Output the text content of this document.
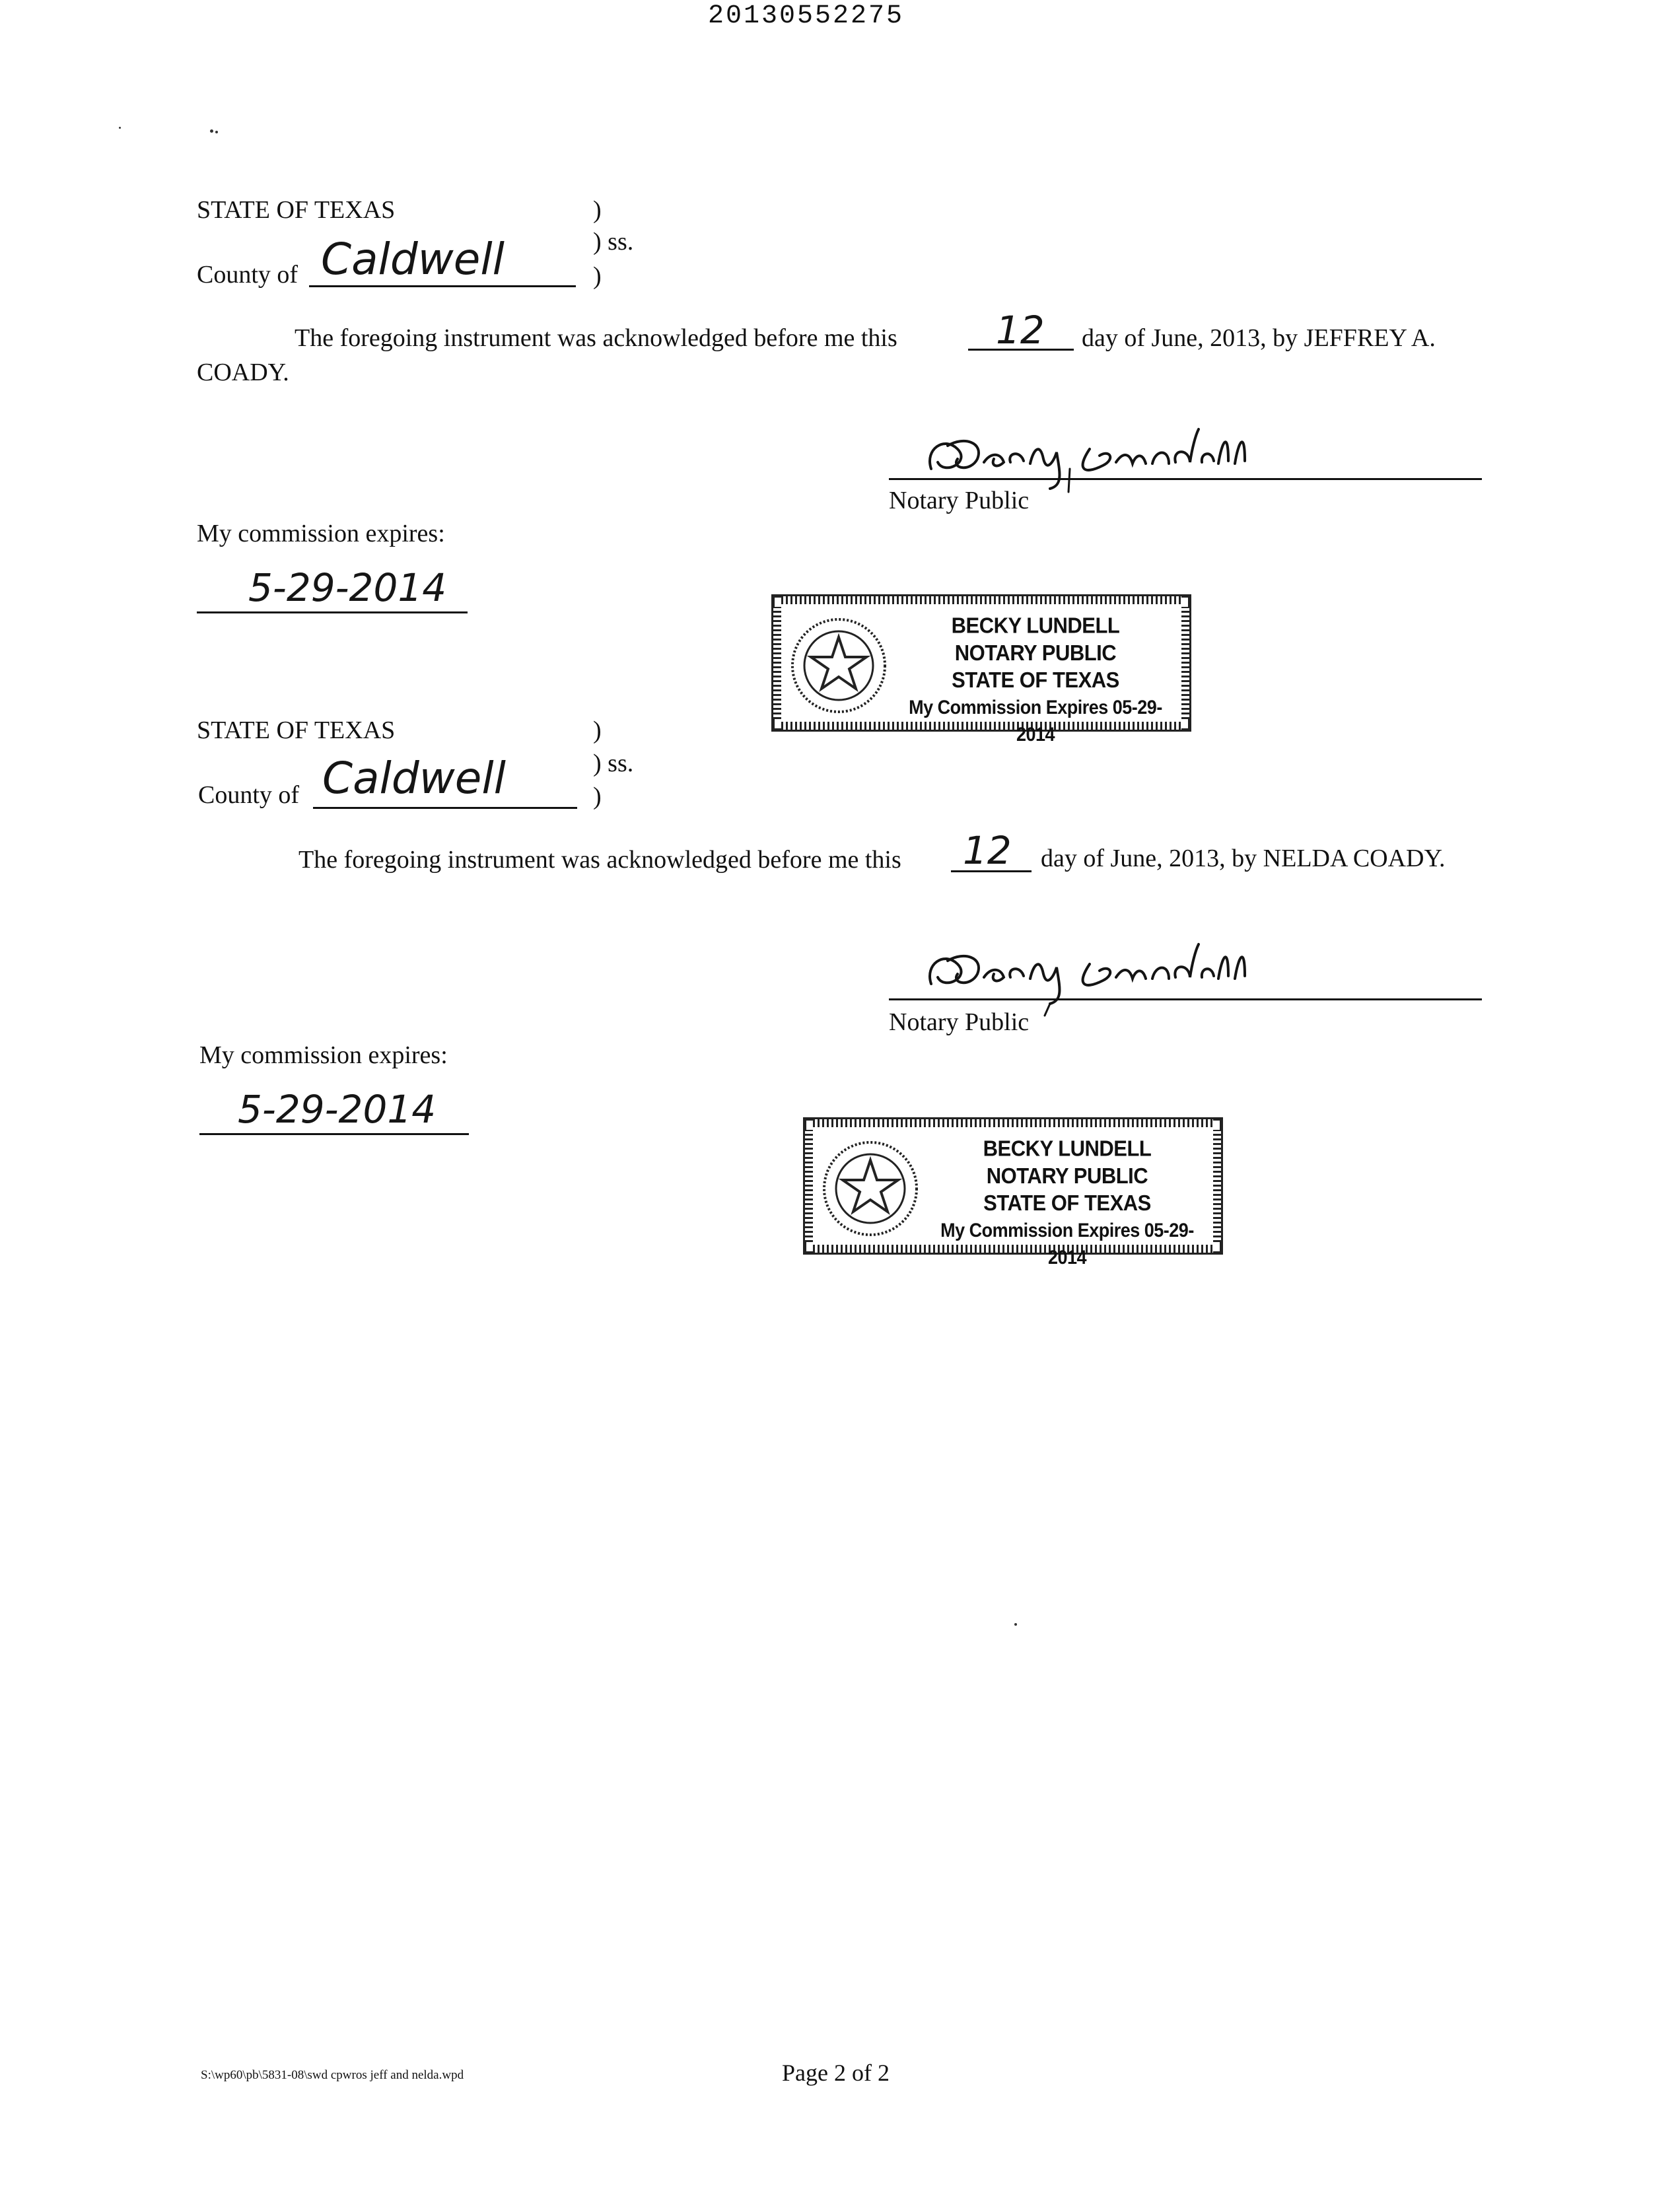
20130552275
STATE OF TEXAS	)
) ss.
)
County of Caldwell
The foregoing instrument was acknowledged before me this	12 day of June, 2013, by JEFFREY A.
COADY.
Notary Public
My commission expires:
5-29-2014
BECKY LUNDELL
NOTARY PUBLIC
STATE OF TEXAS
My Commission Expires 05-29-2014
STATE OF TEXAS	)
) ss.
)
County of Caldwell
The foregoing instrument was acknowledged before me this 12 day of June, 2013, by NELDA COADY.
Notary Public
My commission expires:
5-29-2014
BECKY LUNDELL
NOTARY PUBLIC
STATE OF TEXAS
My Commission Expires 05-29-2014
S:\wp60\pb\5831-08\swd cpwros jeff and nelda.wpd	Page 2 of 2
